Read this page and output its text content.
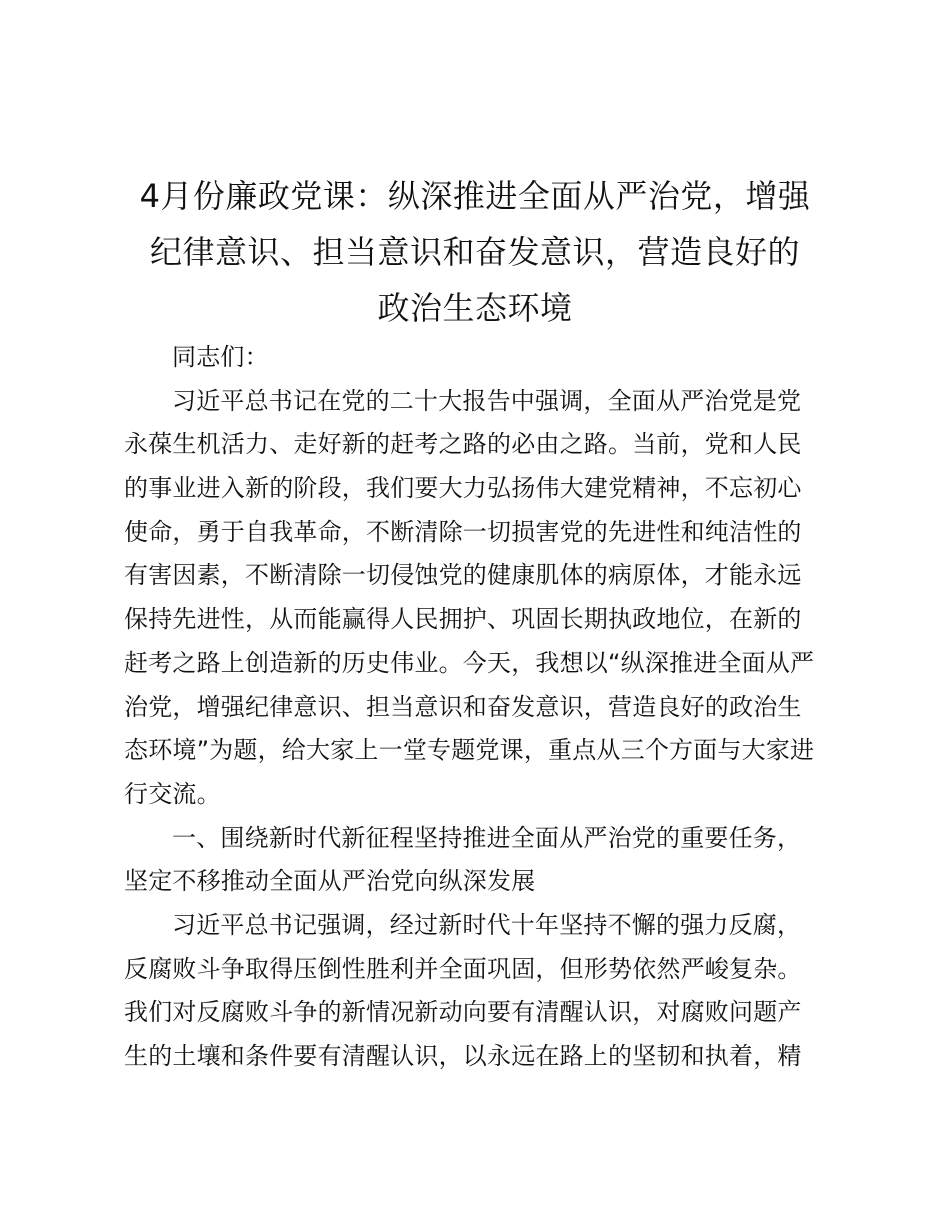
4月份廉政党课：纵深推进全面从严治党，增强
纪律意识、担当意识和奋发意识，营造良好的
政治生态环境
同志们：
习近平总书记在党的二十大报告中强调，全面从严治党是党
永葆生机活力、走好新的赶考之路的必由之路。当前，党和人民
的事业进入新的阶段，我们要大力弘扬伟大建党精神，不忘初心
使命，勇于自我革命，不断清除一切损害党的先进性和纯洁性的
有害因素，不断清除一切侵蚀党的健康肌体的病原体，才能永远
保持先进性，从而能赢得人民拥护、巩固长期执政地位，在新的
赶考之路上创造新的历史伟业。今天，我想以“纵深推进全面从严
治党，增强纪律意识、担当意识和奋发意识，营造良好的政治生
态环境”为题，给大家上一堂专题党课，重点从三个方面与大家进
行交流。
一、围绕新时代新征程坚持推进全面从严治党的重要任务，
坚定不移推动全面从严治党向纵深发展
习近平总书记强调，经过新时代十年坚持不懈的强力反腐，
反腐败斗争取得压倒性胜利并全面巩固，但形势依然严峻复杂。
我们对反腐败斗争的新情况新动向要有清醒认识，对腐败问题产
生的土壤和条件要有清醒认识，以永远在路上的坚韧和执着，精
